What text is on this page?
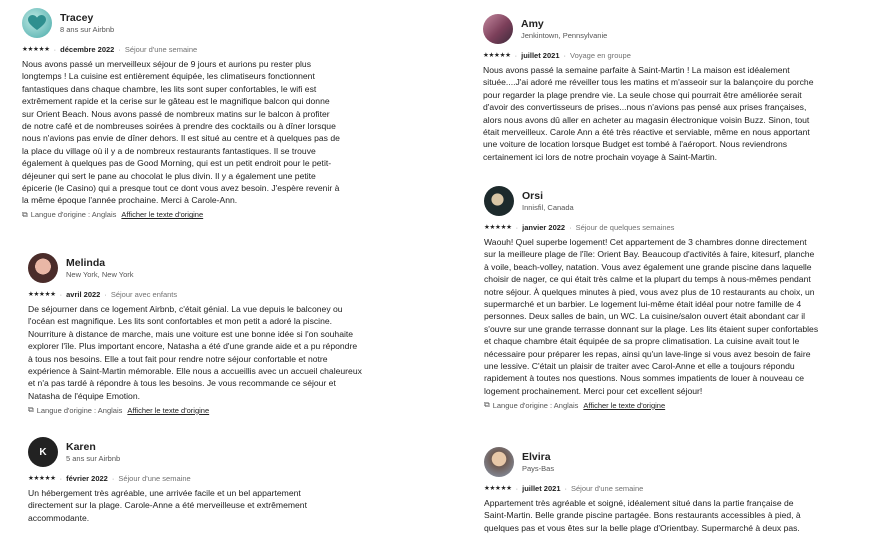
Tracey
8 ans sur Airbnb
★★★★★ · décembre 2022 · Séjour d'une semaine
Nous avons passé un merveilleux séjour de 9 jours et aurions pu rester plus longtemps ! La cuisine est entièrement équipée, les climatiseurs fonctionnent fantastiques dans chaque chambre, les lits sont super confortables, le wifi est extrêmement rapide et la cerise sur le gâteau est le magnifique balcon qui donne sur Orient Beach. Nous avons passé de nombreux matins sur le balcon à profiter de notre café et de nombreuses soirées à prendre des cocktails ou à dîner lorsque nous n'avions pas envie de dîner dehors. Il est situé au centre et à quelques pas de la place du village où il y a de nombreux restaurants fantastiques. Il se trouve également à quelques pas de Good Morning, qui est un petit endroit pour le petit-déjeuner qui sert le pane au chocolat le plus divin. Il y a également une petite épicerie (le Casino) qui a presque tout ce dont vous avez besoin. J'espère revenir à la même époque l'année prochaine. Merci à Carole-Ann.
⧉ Langue d'origine : Anglais Afficher le texte d'origine
Melinda
New York, New York
★★★★★ · avril 2022 · Séjour avec enfants
De séjourner dans ce logement Airbnb, c'était génial. La vue depuis le balconey ou l'océan est magnifique. Les lits sont confortables et mon petit a adoré la piscine. Nourriture à distance de marche, mais une voiture est une bonne idée si l'on souhaite explorer l'île. Plus important encore, Natasha a été d'une grande aide et a pu répondre à tous nos besoins. Elle a tout fait pour rendre notre séjour confortable et notre expérience à Saint-Martin mémorable. Elle nous a accueillis avec un accueil chaleureux et n'a pas tardé à répondre à tous les besoins. Je vous recommande ce séjour et Natasha de l'équipe Emotion.
⧉ Langue d'origine : Anglais Afficher le texte d'origine
K Karen
5 ans sur Airbnb
★★★★★ · février 2022 · Séjour d'une semaine
Un hébergement très agréable, une arrivée facile et un bel appartement directement sur la plage. Carole-Anne a été merveilleuse et extrêmement accommodante.
Amy
Jenkintown, Pennsylvanie
★★★★★ · juillet 2021 · Voyage en groupe
Nous avons passé la semaine parfaite à Saint-Martin ! La maison est idéalement située....J'ai adoré me réveiller tous les matins et m'asseoir sur la balançoire du porche pour regarder la plage prendre vie. La seule chose qui pourrait être améliorée serait d'avoir des convertisseurs de prises...nous n'avions pas pensé aux prises françaises, alors nous avons dû aller en acheter au magasin électronique voisin Buzz. Sinon, tout était merveilleux. Carole Ann a été très réactive et serviable, même en nous apportant une voiture de location lorsque Budget est tombé à l'aéroport. Nous reviendrons certainement ici lors de notre prochain voyage à Saint-Martin.
Orsi
Innisfil, Canada
★★★★★ · janvier 2022 · Séjour de quelques semaines
Waouh! Quel superbe logement! Cet appartement de 3 chambres donne directement sur la meilleure plage de l'île: Orient Bay. Beaucoup d'activités à faire, kitesurf, planche à voile, beach-volley, natation. Vous avez également une grande piscine dans laquelle choisir de nager, ce qui était très calme et la plupart du temps à nous-mêmes pendant notre séjour. À quelques minutes à pied, vous avez plus de 10 restaurants au choix, un supermarché et un barbier. Le logement lui-même était idéal pour notre famille de 4 personnes. Deux salles de bain, un WC. La cuisine/salon ouvert était abondant car il s'ouvre sur une grande terrasse donnant sur la plage. Les lits étaient super confortables et chaque chambre était équipée de sa propre climatisation. La cuisine avait tout le nécessaire pour préparer les repas, ainsi qu'un lave-linge si vous avez besoin de faire une lessive. C'était un plaisir de traiter avec Carol-Anne et elle a toujours répondu rapidement à toutes nos questions. Nous sommes impatients de louer à nouveau ce logement prochainement. Merci pour cet excellent séjour!
⧉ Langue d'origine : Anglais Afficher le texte d'origine
Elvira
Pays-Bas
★★★★★ · juillet 2021 · Séjour d'une semaine
Appartement très agréable et soigné, idéalement situé dans la partie française de Saint-Martin. Belle grande piscine partagée. Bons restaurants accessibles à pied, à quelques pas et vous êtes sur la belle plage d'Orientbay. Supermarché à deux pas.
